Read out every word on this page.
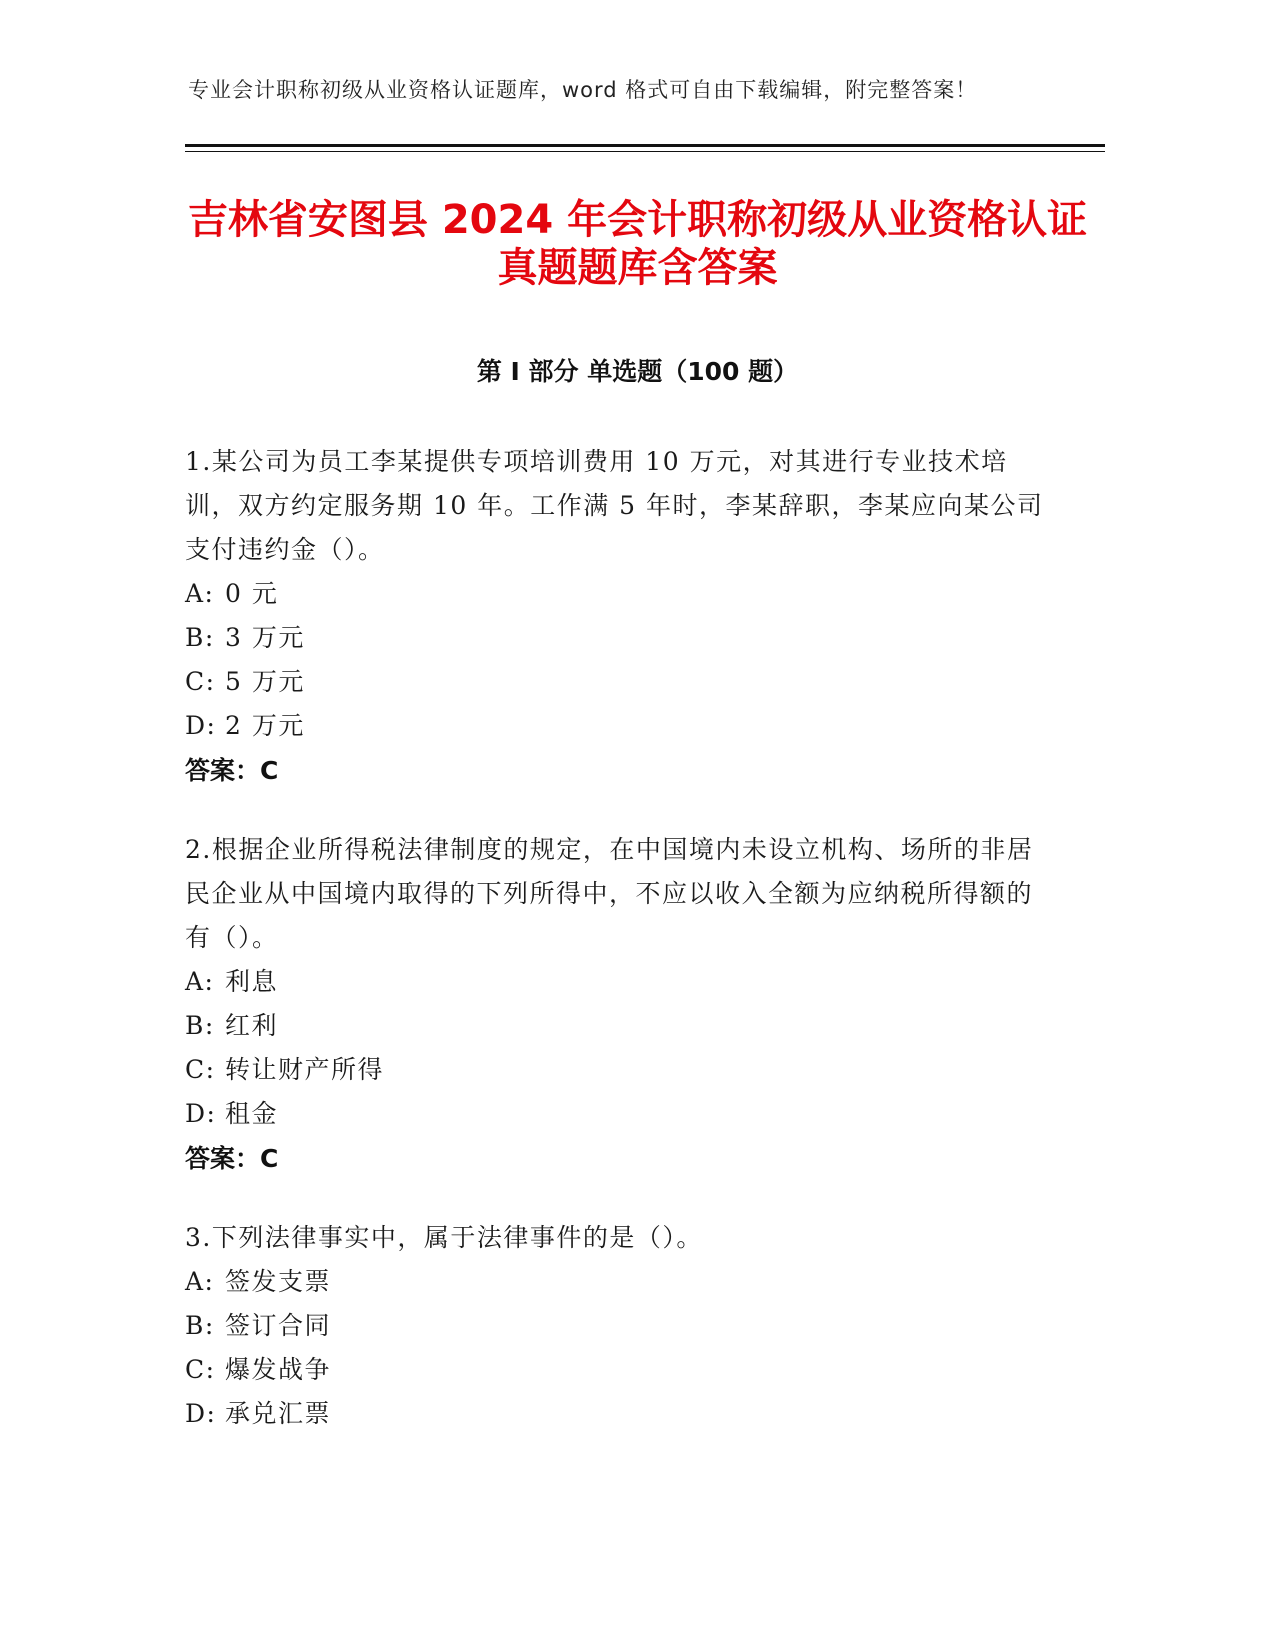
专业会计职称初级从业资格认证题库，word 格式可自由下载编辑，附完整答案！
吉林省安图县 2024 年会计职称初级从业资格认证真题题库含答案
第 I 部分 单选题（100 题）

1.某公司为员工李某提供专项培训费用 10 万元，对其进行专业技术培训，双方约定服务期 10 年。工作满 5 年时，李某辞职，李某应向某公司支付违约金（）。

A: 0 元
B: 3 万元
C: 5 万元
D: 2 万元
答案：C

2.根据企业所得税法律制度的规定，在中国境内未设立机构、场所的非居民企业从中国境内取得的下列所得中，不应以收入全额为应纳税所得额的有（）。

A: 利息
B: 红利
C: 转让财产所得
D: 租金
答案：C

3.下列法律事实中，属于法律事件的是（）。

A: 签发支票
B: 签订合同
C: 爆发战争
D: 承兑汇票
